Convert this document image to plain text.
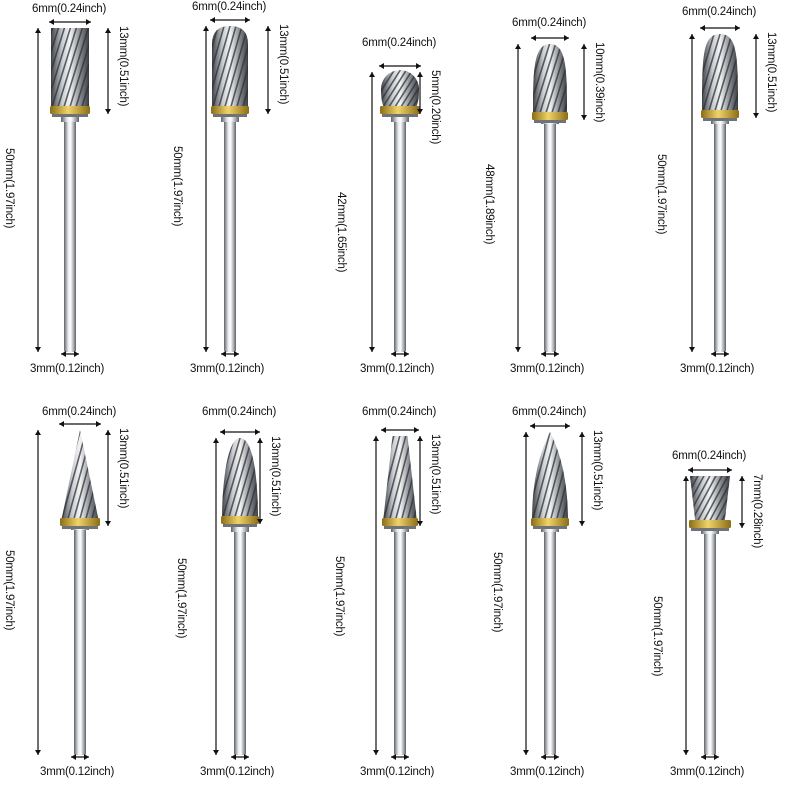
6mm(0.24inch)
13mm(0.51inch)
50mm(1.97inch)
3mm(0.12inch)
6mm(0.24inch)
13mm(0.51inch)
50mm(1.97inch)
3mm(0.12inch)
6mm(0.24inch)
5mm(0.20inch)
42mm(1.65inch)
3mm(0.12inch)
6mm(0.24inch)
10mm(0.39inch)
48mm(1.89inch)
3mm(0.12inch)
6mm(0.24inch)
13mm(0.51inch)
50mm(1.97inch)
3mm(0.12inch)
6mm(0.24inch)
13mm(0.51inch)
50mm(1.97inch)
3mm(0.12inch)
6mm(0.24inch)
13mm(0.51inch)
50mm(1.97inch)
3mm(0.12inch)
6mm(0.24inch)
13mm(0.51inch)
50mm(1.97inch)
3mm(0.12inch)
6mm(0.24inch)
13mm(0.51inch)
50mm(1.97inch)
3mm(0.12inch)
6mm(0.24inch)
7mm(0.28inch)
50mm(1.97inch)
3mm(0.12inch)
